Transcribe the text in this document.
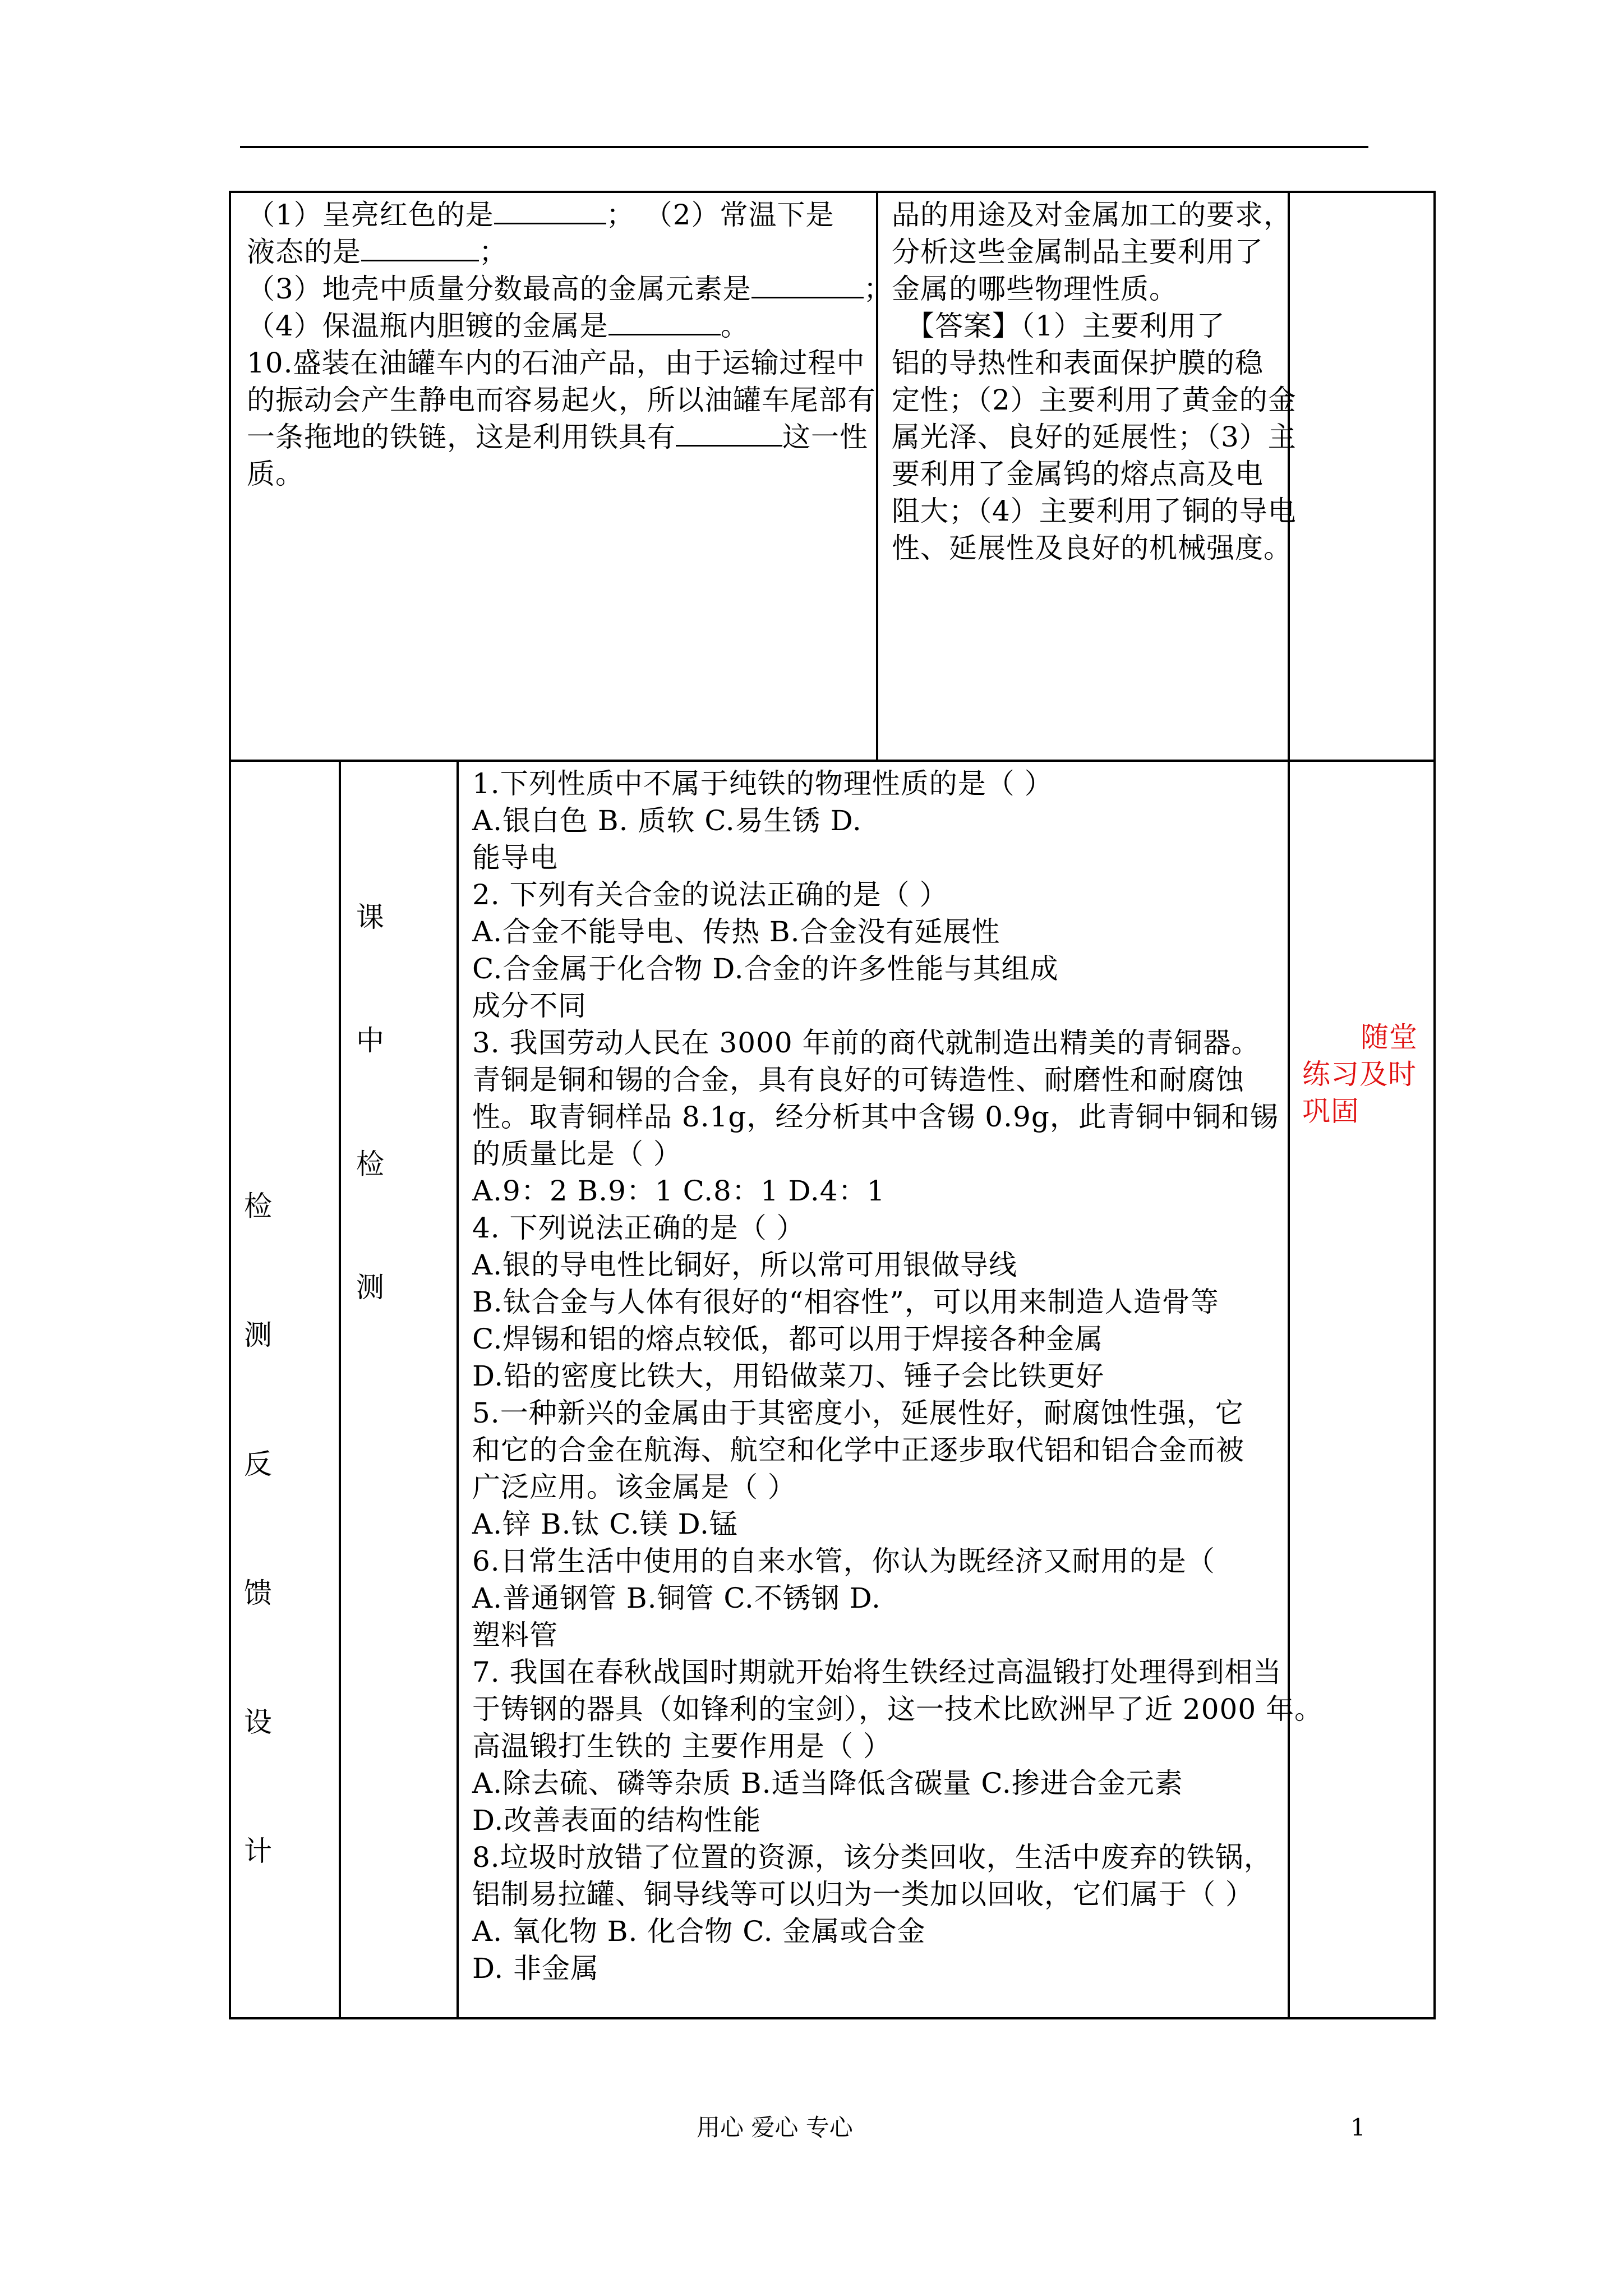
（1）呈亮红色的是	； （2）常温下是
液态的是	；
（3）地壳中质量分数最高的金属元素是	；
（4）保温瓶内胆镀的金属是	。
10.盛装在油罐车内的石油产品，由于运输过程中
的振动会产生静电而容易起火，所以油罐车尾部有
一条拖地的铁链，这是利用铁具有	这一性
质。
品的用途及对金属加工的要求，
分析这些金属制品主要利用了
金属的哪些物理性质。
　【答案】（1）主要利用了
铝的导热性和表面保护膜的稳
定性；（2）主要利用了黄金的金
属光泽、良好的延展性；（3）主
要利用了金属钨的熔点高及电
阻大；（4）主要利用了铜的导电
性、延展性及良好的机械强度。
检
测
反
馈
设
计
课
中
检
测
随堂
练习及时
巩固
1.下列性质中不属于纯铁的物理性质的是（ ）
A.银白色 B. 质软 C.易生锈 D.
能导电
2. 下列有关合金的说法正确的是（ ）
A.合金不能导电、传热 B.合金没有延展性
C.合金属于化合物 D.合金的许多性能与其组成
成分不同
3. 我国劳动人民在 3000 年前的商代就制造出精美的青铜器。
青铜是铜和锡的合金，具有良好的可铸造性、耐磨性和耐腐蚀
性。取青铜样品 8.1g，经分析其中含锡 0.9g，此青铜中铜和锡
的质量比是（ ）
A.9：2 B.9：1 C.8：1 D.4：1
4. 下列说法正确的是（ ）
A.银的导电性比铜好，所以常可用银做导线
B.钛合金与人体有很好的“相容性”，可以用来制造人造骨等
C.焊锡和铝的熔点较低，都可以用于焊接各种金属
D.铅的密度比铁大，用铅做菜刀、锤子会比铁更好
5.一种新兴的金属由于其密度小，延展性好，耐腐蚀性强，它
和它的合金在航海、航空和化学中正逐步取代铝和铝合金而被
广泛应用。该金属是（ ）
A.锌 B.钛 C.镁 D.锰
6.日常生活中使用的自来水管，你认为既经济又耐用的是（
A.普通钢管 B.铜管 C.不锈钢 D.
塑料管
7. 我国在春秋战国时期就开始将生铁经过高温锻打处理得到相当
于铸钢的器具（如锋利的宝剑），这一技术比欧洲早了近 2000 年。
高温锻打生铁的 主要作用是（ ）
A.除去硫、磷等杂质 B.适当降低含碳量 C.掺进合金元素
D.改善表面的结构性能
8.垃圾时放错了位置的资源，该分类回收，生活中废弃的铁锅，
铝制易拉罐、铜导线等可以归为一类加以回收，它们属于（ ）
A. 氧化物 B. 化合物 C. 金属或合金
D. 非金属
用心 爱心 专心	1
